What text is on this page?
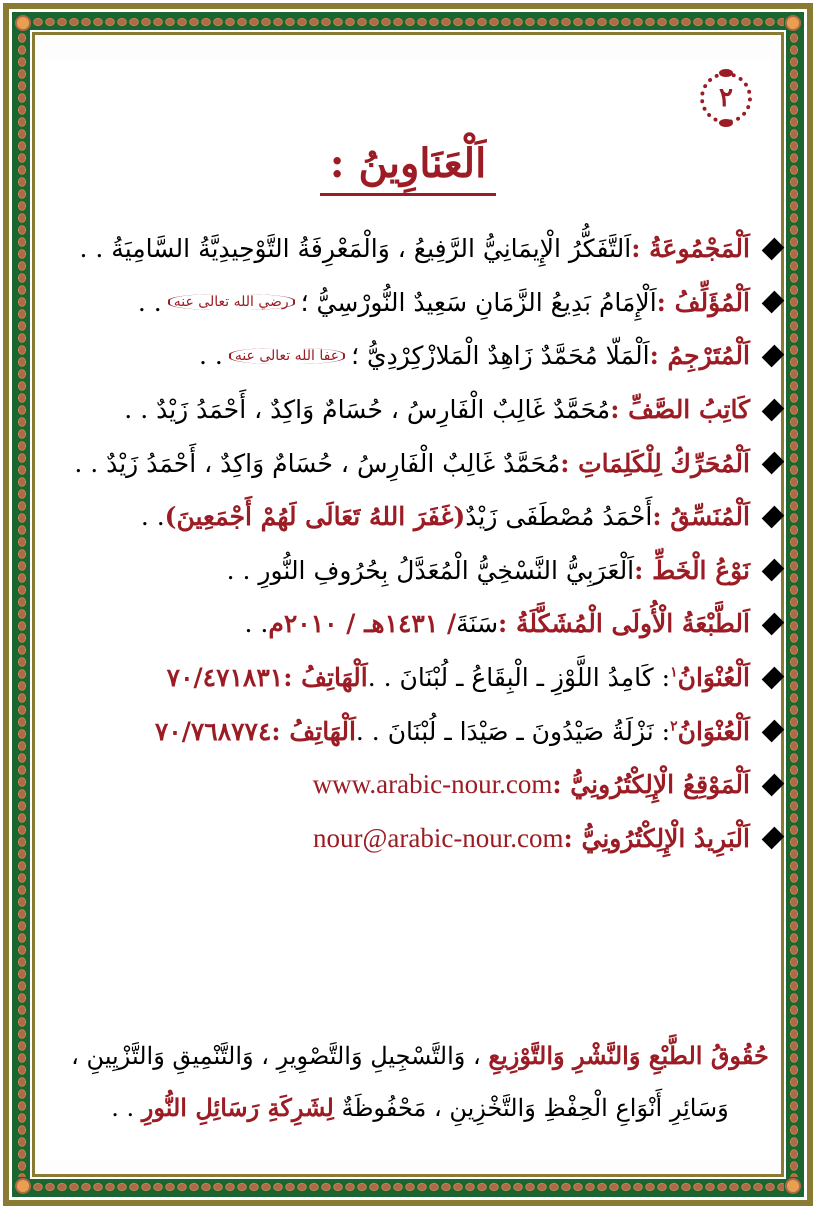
٢
اَلْعَنَاوِينُ :
اَلْمَجْمُوعَةُ :
اَلتَّفَكُّرُ الْإِيمَانِيُّ الرَّفِيعُ ، وَالْمَعْرِفَةُ التَّوْحِيدِيَّةُ السَّامِيَةُ . .
اَلْمُؤَلِّفُ :
اَلْإِمَامُ بَدِيعُ الزَّمَانِ سَعِيدٌ النُّورْسِيُّ ؛
رضي الله تعالى عنه
. .
اَلْمُتَرْجِمُ :
اَلْمَلّا مُحَمَّدٌ زَاهِدٌ الْمَلازْكِرْدِيُّ ؛
عفا الله تعالى عنه
. .
كَاتِبُ الصَّفِّ :
مُحَمَّدٌ غَالِبٌ الْفَارِسُ ، حُسَامٌ وَاكِدٌ ، أَحْمَدُ زَيْدٌ . .
اَلْمُحَرِّكُ لِلْكَلِمَاتِ :
مُحَمَّدٌ غَالِبٌ الْفَارِسُ ، حُسَامٌ وَاكِدٌ ، أَحْمَدُ زَيْدٌ . .
اَلْمُنَسِّقُ :
أَحْمَدُ مُصْطَفَى زَيْدٌ
(غَفَرَ اللهُ تَعَالَى لَهُمْ أَجْمَعِينَ)
. .
نَوْعُ الْخَطِّ :
اَلْعَرَبِيُّ النَّسْخِيُّ الْمُعَدَّلُ بِحُرُوفِ النُّورِ . .
اَلطَّبْعَةُ الْأُولَى الْمُشَكَّلَةُ :
سَنَةَ
/ ١٤٣١هـ / ٢٠١٠م
. .
اَلْعُنْوَانُ$^١$
: كَامِدُ اللَّوْزِ ـ الْبِقَاعُ ـ لُبْنَانَ . .
اَلْهَاتِفُ :
٧٠/٤٧١٨٣١
اَلْعُنْوَانُ$^٢$
: نَزْلَةُ صَيْدُونَ ـ صَيْدَا ـ لُبْنَانَ . .
اَلْهَاتِفُ :
٧٠/٧٦٨٧٧٤
اَلْمَوْقِعُ الْإِلِكْتُرُونِيُّ :
www.arabic-nour.com
اَلْبَرِيدُ الْإِلِكْتُرُونِيُّ :
nour@arabic-nour.com
حُقُوقُ الطَّبْعِ وَالنَّشْرِ وَالتَّوْزِيعِ ، وَالتَّسْجِيلِ وَالتَّصْوِيرِ ، وَالتَّنْمِيقِ وَالتَّزْيِينِ ،
وَسَائِرِ أَنْوَاعِ الْحِفْظِ وَالتَّخْزِينِ ، مَحْفُوظَةٌ لِشَرِكَةِ رَسَائِلِ النُّورِ . .
